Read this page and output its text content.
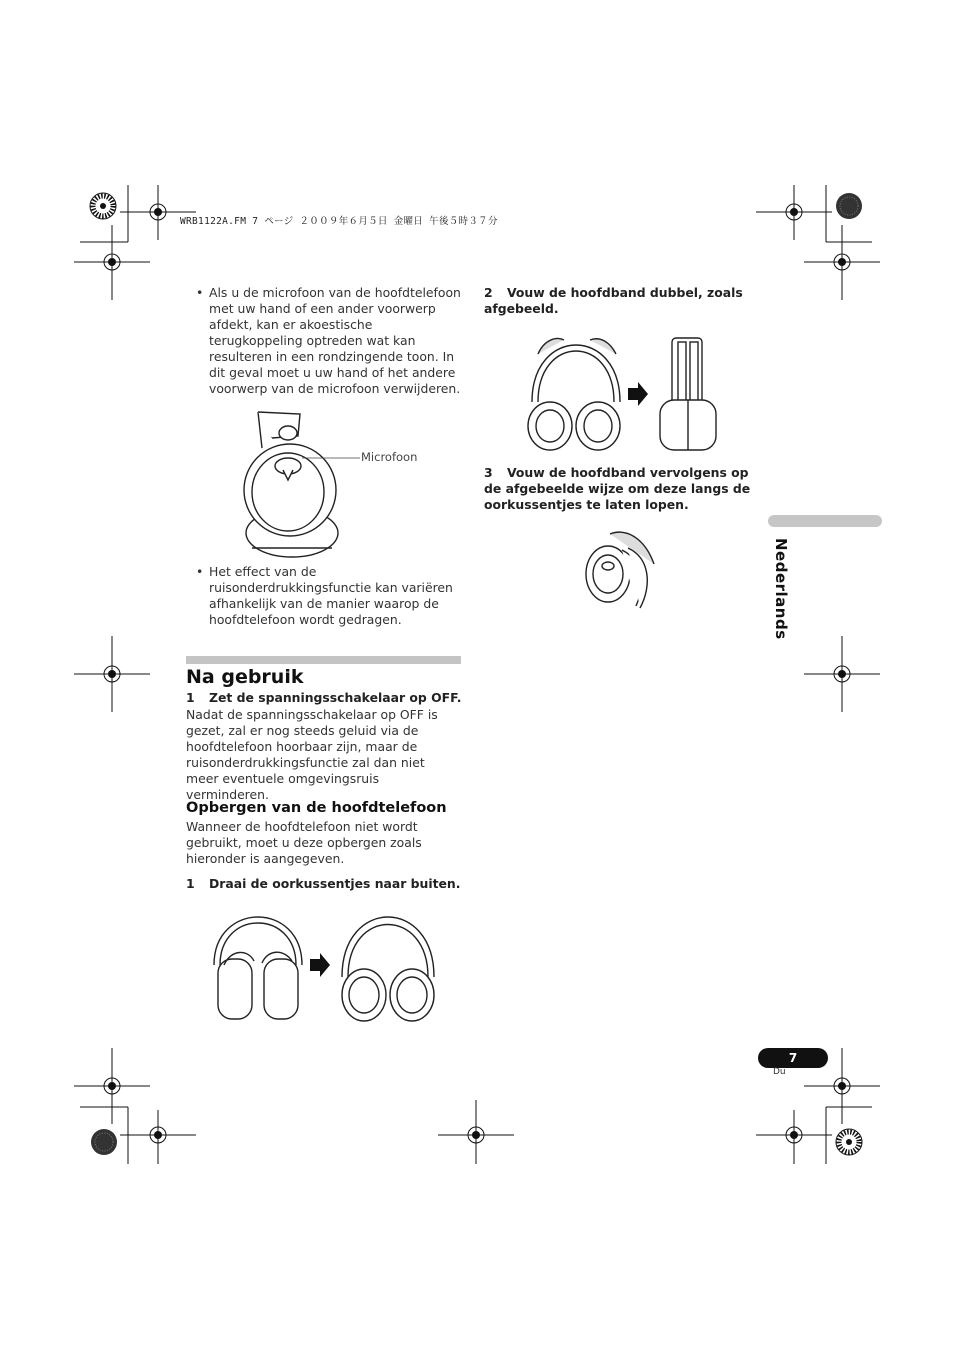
WRB1122A.FM 7 ページ ２００９年６月５日 金曜日 午後５時３７分
• Als u de microfoon van de hoofdtelefoon met uw hand of een ander voorwerp afdekt, kan er akoestische terugkoppeling optreden wat kan resulteren in een rondzingende toon. In dit geval moet u uw hand of het andere voorwerp van de microfoon verwijderen.
Microfoon
• Het effect van de ruisonderdrukkingsfunctie kan variëren afhankelijk van de manier waarop de hoofdtelefoon wordt gedragen.
Na gebruik
1 Zet de spanningsschakelaar op OFF.
Nadat de spanningsschakelaar op OFF is gezet, zal er nog steeds geluid via de hoofdtelefoon hoorbaar zijn, maar de ruisonderdrukkingsfunctie zal dan niet meer eventuele omgevingsruis verminderen.
Opbergen van de hoofdtelefoon
Wanneer de hoofdtelefoon niet wordt gebruikt, moet u deze opbergen zoals hieronder is aangegeven.
1 Draai de oorkussentjes naar buiten.
2 Vouw de hoofdband dubbel, zoals afgebeeld.
3 Vouw de hoofdband vervolgens op de afgebeelde wijze om deze langs de oorkussentjes te laten lopen.
Nederlands
7
Du
